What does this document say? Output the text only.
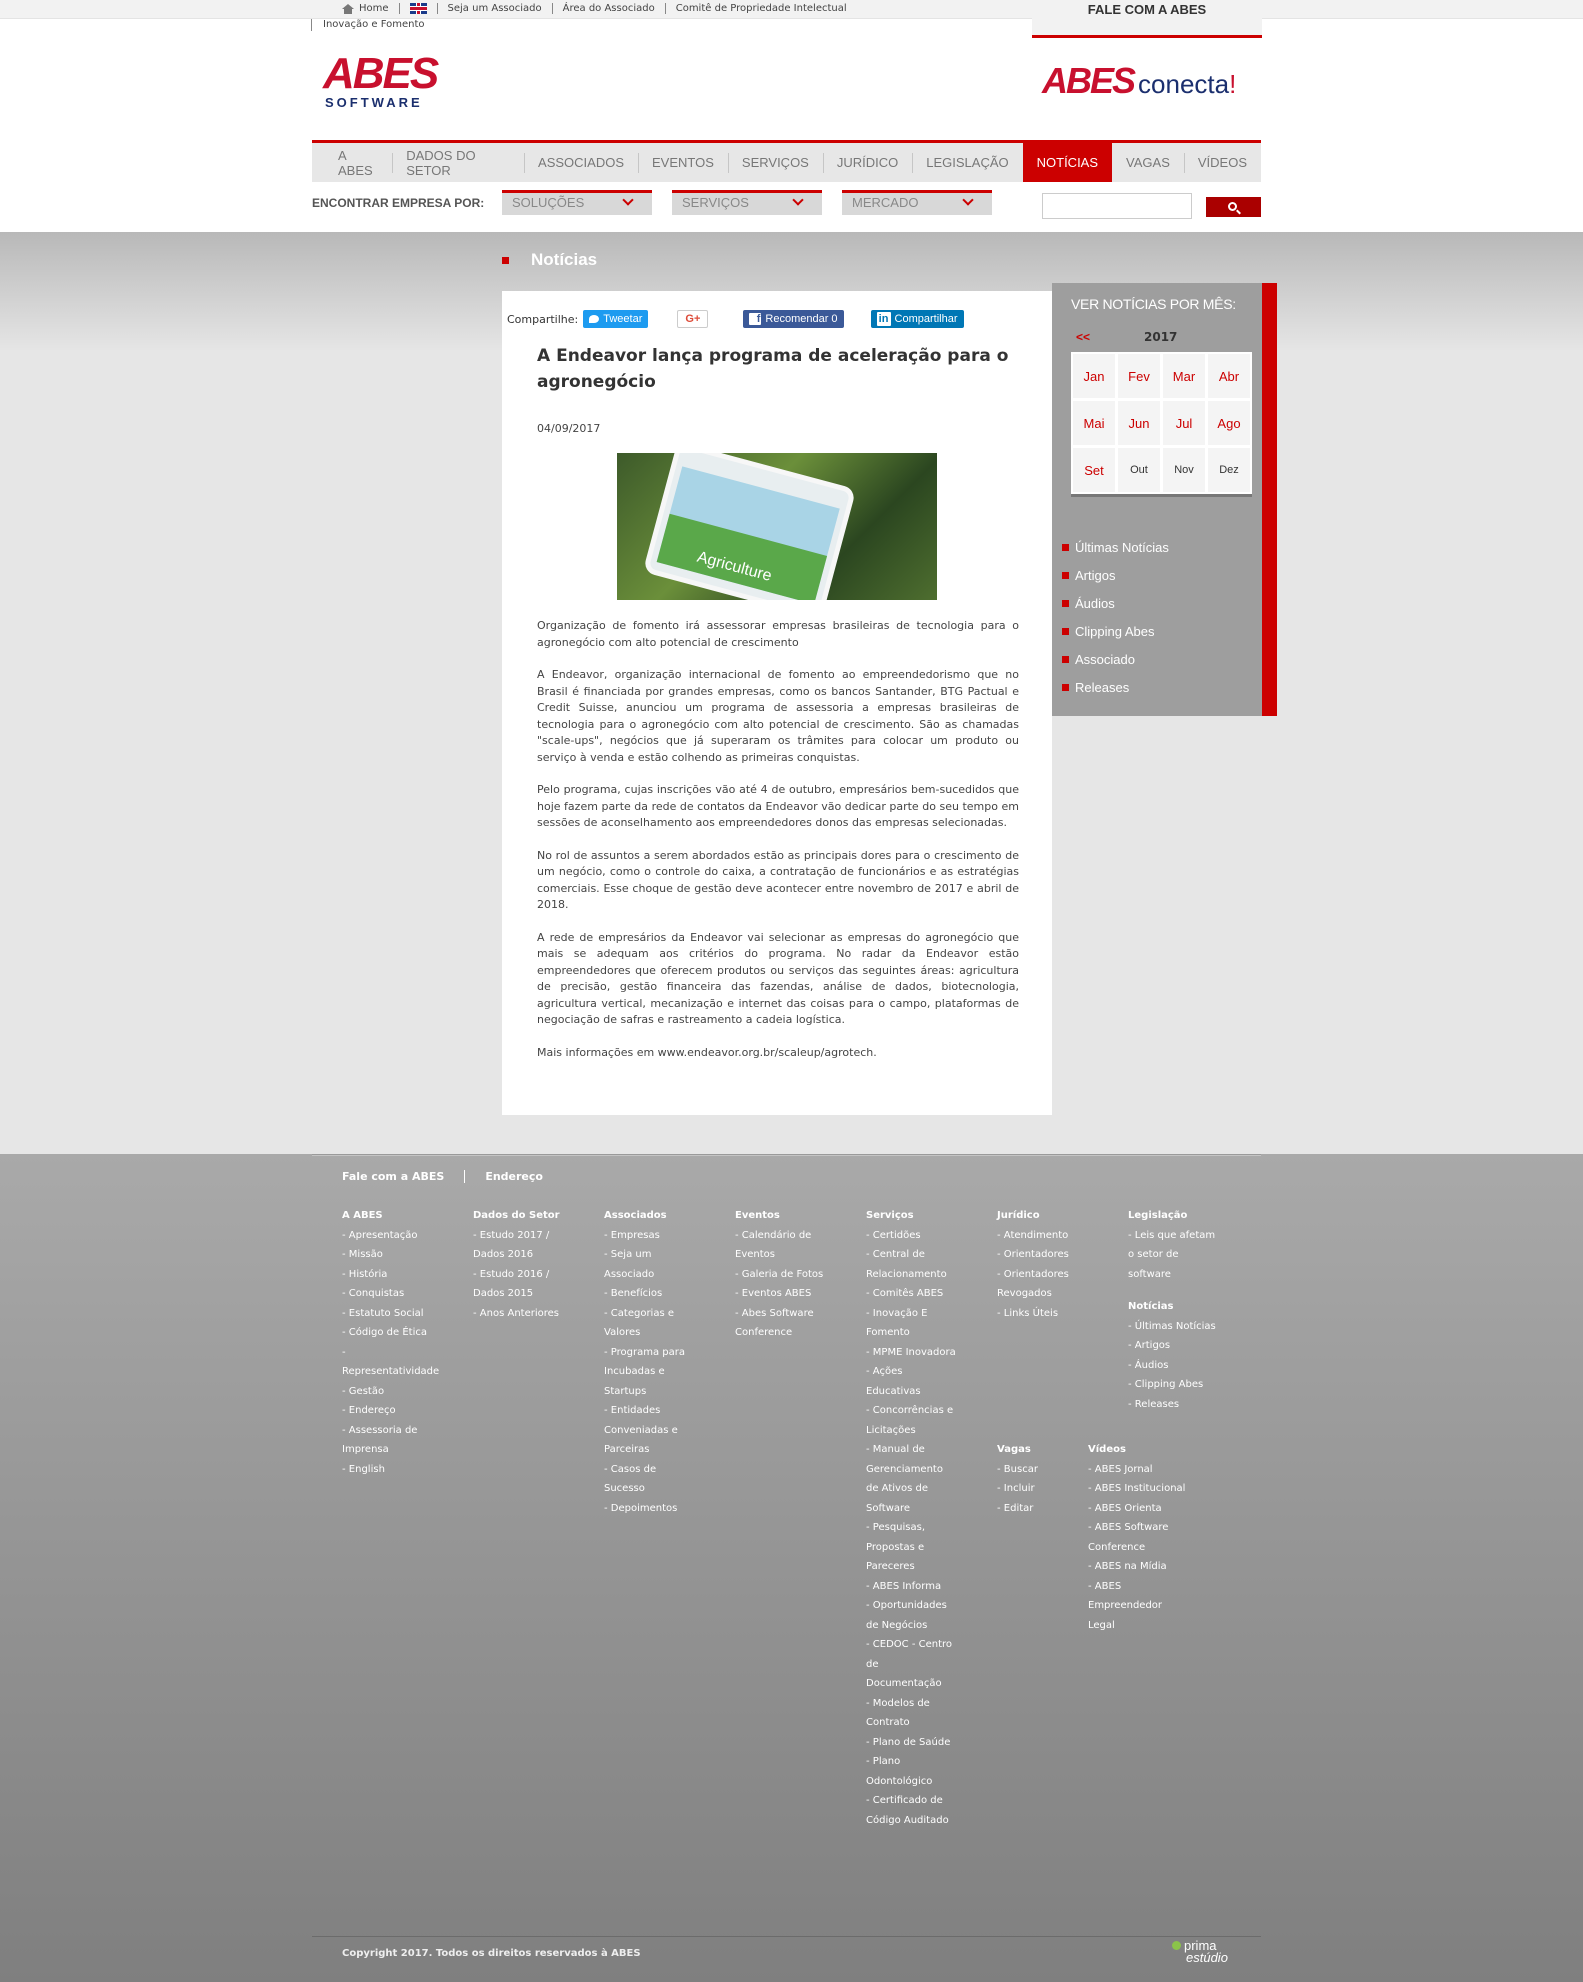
Home	Seja um Associado	Área do Associado	Comitê de Propriedade Intelectual
Inovação e Fomento
FALE COM A ABES
ABES
SOFTWARE
ABES conecta!
A ABES
DADOS DO SETOR	ASSOCIADOS	EVENTOS	SERVIÇOS	JURÍDICO	LEGISLAÇÃO	NOTÍCIAS	VAGAS	VÍDEOS
ENCONTRAR EMPRESA POR:	SOLUÇÕES	SERVIÇOS	MERCADO
Notícias
Compartilhe: Tweetar	G+	f Recomendar 0	in Compartilhar
A Endeavor lança programa de aceleração para o agronegócio
04/09/2017
Agriculture

Organização de fomento irá assessorar empresas brasileiras de tecnologia para o agronegócio com alto potencial de crescimento

A Endeavor, organização internacional de fomento ao empreendedorismo que no Brasil é financiada por grandes empresas, como os bancos Santander, BTG Pactual e Credit Suisse, anunciou um programa de assessoria a empresas brasileiras de tecnologia para o agronegócio com alto potencial de crescimento. São as chamadas "scale-ups", negócios que já superaram os trâmites para colocar um produto ou serviço à venda e estão colhendo as primeiras conquistas.

Pelo programa, cujas inscrições vão até 4 de outubro, empresários bem-sucedidos que hoje fazem parte da rede de contatos da Endeavor vão dedicar parte do seu tempo em sessões de aconselhamento aos empreendedores donos das empresas selecionadas.

No rol de assuntos a serem abordados estão as principais dores para o crescimento de um negócio, como o controle do caixa, a contratação de funcionários e as estratégias comerciais. Esse choque de gestão deve acontecer entre novembro de 2017 e abril de 2018.

A rede de empresários da Endeavor vai selecionar as empresas do agronegócio que mais se adequam aos critérios do programa. No radar da Endeavor estão empreendedores que oferecem produtos ou serviços das seguintes áreas: agricultura de precisão, gestão financeira das fazendas, análise de dados, biotecnologia, agricultura vertical, mecanização e internet das coisas para o campo, plataformas de negociação de safras e rastreamento a cadeia logística.

Mais informações em www.endeavor.org.br/scaleup/agrotech.

VER NOTÍCIAS POR MÊS:
<<	2017
Jan	Fev	Mar	Abr
Mai	Jun	Jul	Ago
Set	Out	Nov	Dez
Últimas Notícias
Artigos
Áudios
Clipping Abes
Associado
Releases
Fale com a ABES	Endereço
A ABES
- Apresentação
- Missão
- História
- Conquistas
- Estatuto Social
- Código de Ética
- Representatividade
- Gestão
- Endereço
- Assessoria de Imprensa
- English
Dados do Setor
- Estudo 2017 / Dados 2016
- Estudo 2016 / Dados 2015
- Anos Anteriores
Associados
- Empresas
- Seja um Associado
- Benefícios
- Categorias e Valores
- Programa para Incubadas e Startups
- Entidades Conveniadas e Parceiras
- Casos de Sucesso
- Depoimentos
Eventos
- Calendário de Eventos
- Galeria de Fotos
- Eventos ABES
- Abes Software Conference
Serviços
- Certidões
- Central de Relacionamento
- Comitês ABES
- Inovação E Fomento
- MPME Inovadora
- Ações Educativas
- Concorrências e Licitações
- Manual de Gerenciamento de Ativos de Software
- Pesquisas, Propostas e Pareceres
- ABES Informa
- Oportunidades de Negócios
- CEDOC - Centro de Documentação
- Modelos de Contrato
- Plano de Saúde
- Plano Odontológico
- Certificado de Código Auditado
Jurídico
- Atendimento
- Orientadores
- Orientadores Revogados
- Links Úteis
Legislação
- Leis que afetam o setor de software
Notícias
- Últimas Notícias
- Artigos
- Áudios
- Clipping Abes
- Releases
Vagas
- Buscar
- Incluir
- Editar
Vídeos
- ABES Jornal
- ABES Institucional
- ABES Orienta
- ABES Software Conference
- ABES na Mídia
- ABES Empreendedor Legal
Copyright 2017. Todos os direitos reservados à ABES
prima
estúdio
